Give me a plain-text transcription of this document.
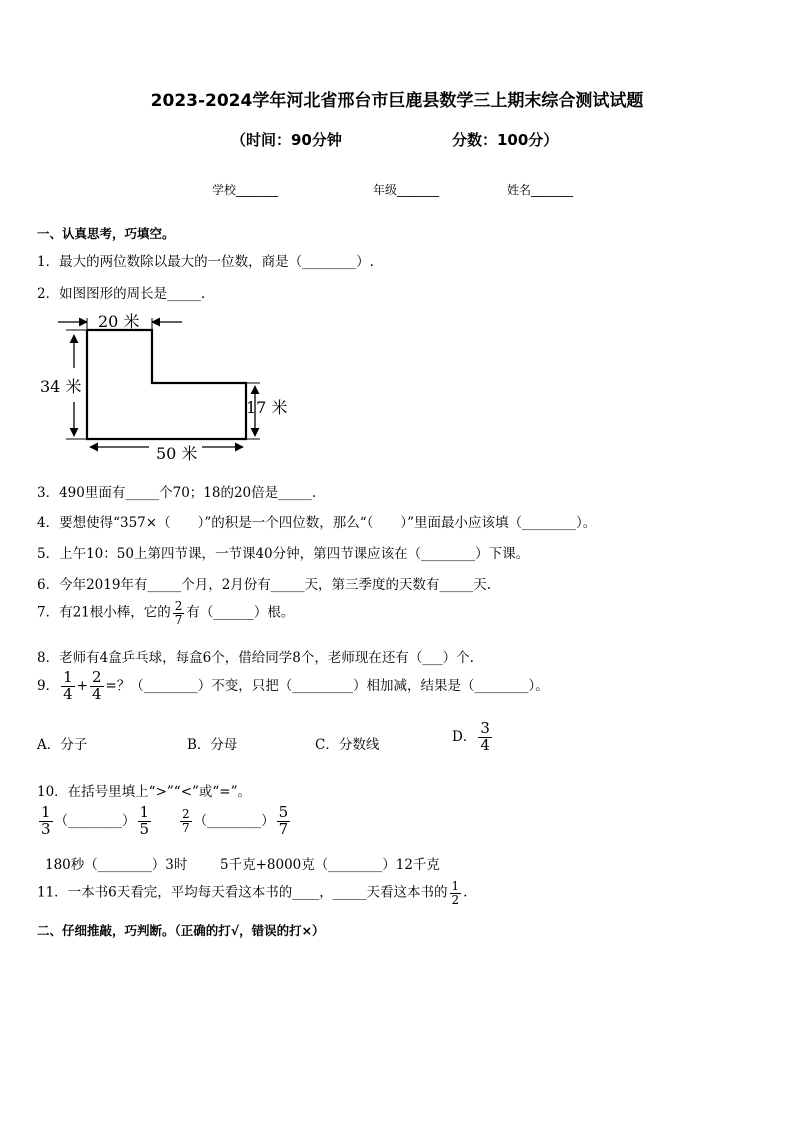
2023-2024学年河北省邢台市巨鹿县数学三上期末综合测试试题
（时间：90分钟	分数：100分）
学校_______	年级_______	姓名_______
一、认真思考，巧填空。
1．最大的两位数除以最大的一位数，商是（________）.
2．如图图形的周长是_____.
20 米
34 米
17 米
50 米
3．490里面有_____个70；18的20倍是_____.
4．要想使得“357×（　　）”的积是一个四位数，那么“（　　）”里面最小应该填（________）。
5．上午10：50上第四节课，一节课40分钟，第四节课应该在（________）下课。
6．今年2019年有_____个月，2月份有_____天，第三季度的天数有_____天.
7．有21根小棒，它的 $\frac{2}{7}$ 有（______）根。
8．老师有4盒乒乓球，每盒6个，借给同学8个，老师现在还有（___）个.
9． $\frac{1}{4} + \frac{2}{4}$ =？（________）不变，只把（_________）相加减，结果是（________）。
A．分子	B．分母	C．分数线
D． $\frac{3}{4}$
10．在括号里填上“>”“<”或“=”。
$\frac{1}{3}$ （________） $\frac{1}{5} \frac{2}{7}$ （________） $\frac{5}{7}$
180秒（________）3时 5千克+8000克（________）12千克
11．一本书6天看完，平均每天看这本书的____，_____天看这本书的 $\frac{1}{2}$ .
二、仔细推敲，巧判断。（正确的打√，错误的打×）
